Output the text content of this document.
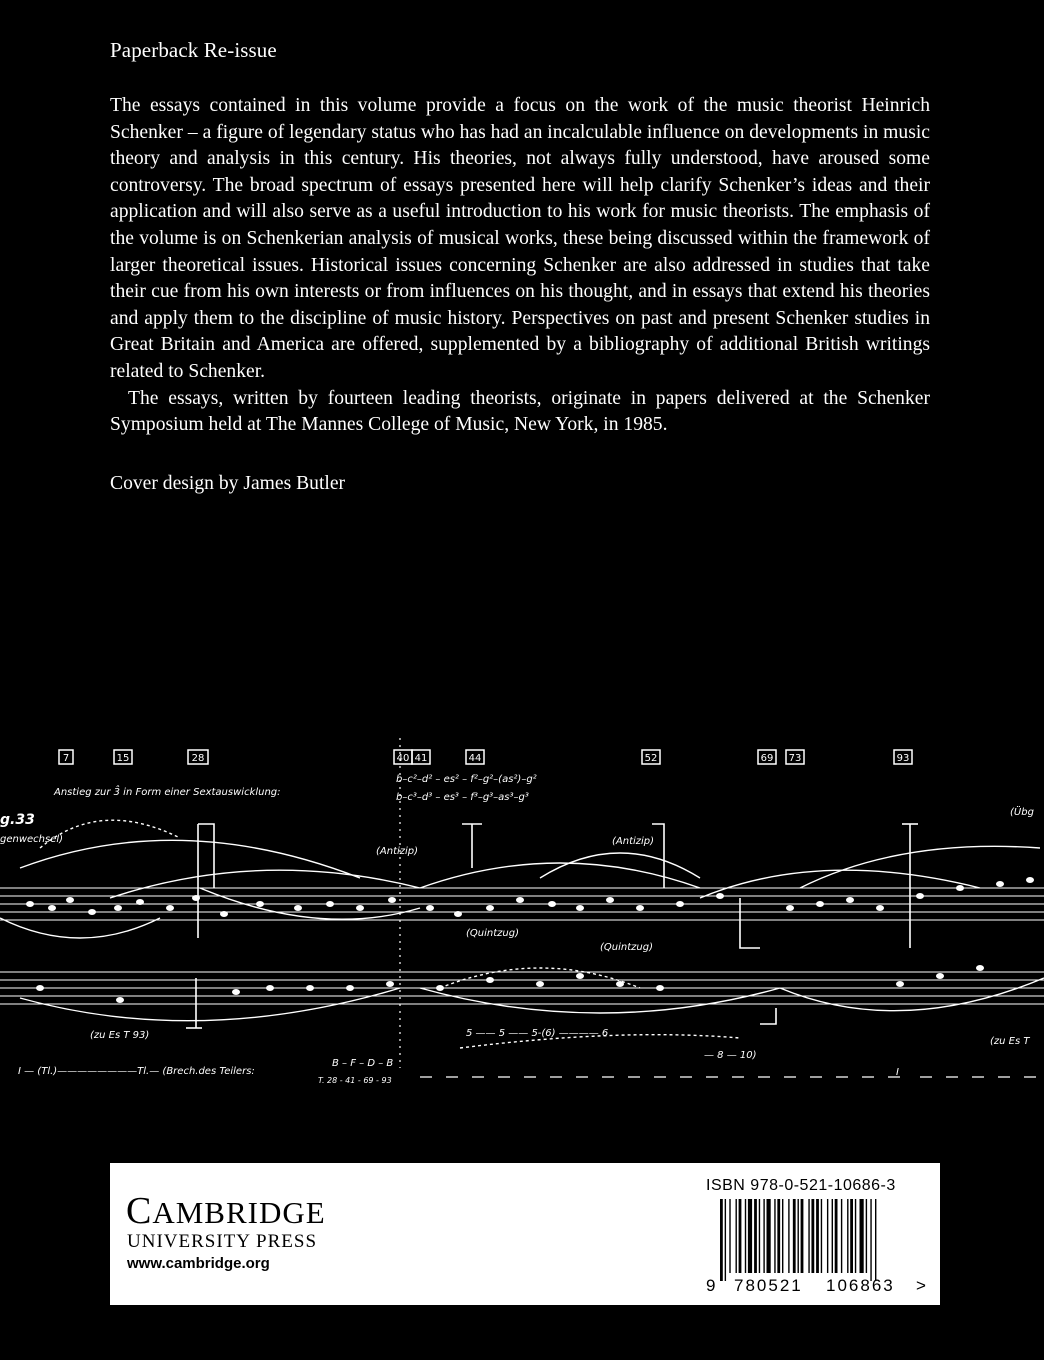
Paperback Re-issue

The essays contained in this volume provide a focus on the work of the music theorist Heinrich Schenker – a figure of legendary status who has had an incalculable influence on developments in music theory and analysis in this century. His theories, not always fully understood, have aroused some controversy. The broad spectrum of essays presented here will help clarify Schenker’s ideas and their application and will also serve as a useful introduction to his work for music theorists. The emphasis of the volume is on Schenkerian analysis of musical works, these being discussed within the framework of larger theoretical issues. Historical issues concerning Schenker are also addressed in studies that take their cue from his own interests or from influences on his thought, and in essays that extend his theories and apply them to the discipline of music history. Perspectives on past and present Schenker studies in Great Britain and America are offered, supplemented by a bibliography of additional British writings related to Schenker.

The essays, written by fourteen leading theorists, originate in papers delivered at the Schenker Symposium held at The Mannes College of Music, New York, in 1985.

Cover design by James Butler
7	15	28	40 41	44	52	69 73	93
Anstieg zur 3̂ in Form einer Sextauswicklung:
g.33
genwechsel)
b–c²–d² – es² – f²–g²–(as²)–g²
b–c³–d³ – es³ – f³–g³–as³–g³
(Übg
(Antizip)
(Antizip)
(Quintzug)
(Quintzug)
(zu Es T 93)
(zu Es T
I — (Tl.)————————Tl.— (Brech.des Teilers:
B – F – D – B
T. 28 - 41 - 69 - 93
— 8 — 10)
5 —— 5 —— 5-(6) ———— 6
I
CAMBRIDGE
UNIVERSITY PRESS
www.cambridge.org
ISBN 978-0-521-10686-3
9 780521 106863 >
